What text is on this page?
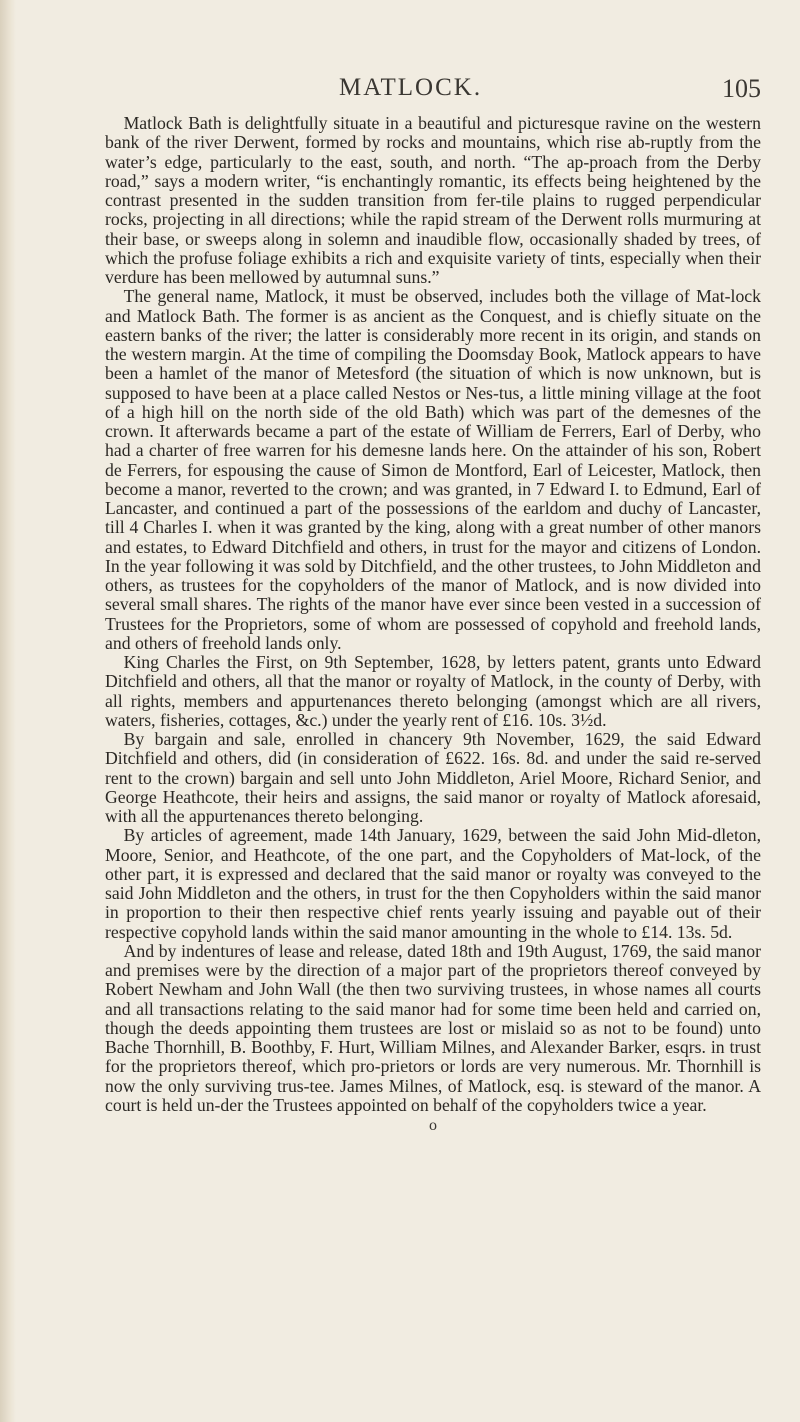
MATLOCK.	105

Matlock Bath is delightfully situate in a beautiful and picturesque ravine on the western bank of the river Derwent, formed by rocks and mountains, which rise ab-ruptly from the water’s edge, particularly to the east, south, and north. “The ap-proach from the Derby road,” says a modern writer, “is enchantingly romantic, its effects being heightened by the contrast presented in the sudden transition from fer-tile plains to rugged perpendicular rocks, projecting in all directions; while the rapid stream of the Derwent rolls murmuring at their base, or sweeps along in solemn and inaudible flow, occasionally shaded by trees, of which the profuse foliage exhibits a rich and exquisite variety of tints, especially when their verdure has been mellowed by autumnal suns.”

The general name, Matlock, it must be observed, includes both the village of Mat-lock and Matlock Bath. The former is as ancient as the Conquest, and is chiefly situate on the eastern banks of the river; the latter is considerably more recent in its origin, and stands on the western margin. At the time of compiling the Doomsday Book, Matlock appears to have been a hamlet of the manor of Metesford (the situation of which is now unknown, but is supposed to have been at a place called Nestos or Nes-tus, a little mining village at the foot of a high hill on the north side of the old Bath) which was part of the demesnes of the crown. It afterwards became a part of the estate of William de Ferrers, Earl of Derby, who had a charter of free warren for his demesne lands here. On the attainder of his son, Robert de Ferrers, for espousing the cause of Simon de Montford, Earl of Leicester, Matlock, then become a manor, reverted to the crown; and was granted, in 7 Edward I. to Edmund, Earl of Lancaster, and continued a part of the possessions of the earldom and duchy of Lancaster, till 4 Charles I. when it was granted by the king, along with a great number of other manors and estates, to Edward Ditchfield and others, in trust for the mayor and citizens of London. In the year following it was sold by Ditchfield, and the other trustees, to John Middleton and others, as trustees for the copyholders of the manor of Matlock, and is now divided into several small shares. The rights of the manor have ever since been vested in a succession of Trustees for the Proprietors, some of whom are possessed of copyhold and freehold lands, and others of freehold lands only.

King Charles the First, on 9th September, 1628, by letters patent, grants unto Edward Ditchfield and others, all that the manor or royalty of Matlock, in the county of Derby, with all rights, members and appurtenances thereto belonging (amongst which are all rivers, waters, fisheries, cottages, &c.) under the yearly rent of £16. 10s. 3½d.

By bargain and sale, enrolled in chancery 9th November, 1629, the said Edward Ditchfield and others, did (in consideration of £622. 16s. 8d. and under the said re-served rent to the crown) bargain and sell unto John Middleton, Ariel Moore, Richard Senior, and George Heathcote, their heirs and assigns, the said manor or royalty of Matlock aforesaid, with all the appurtenances thereto belonging.

By articles of agreement, made 14th January, 1629, between the said John Mid-dleton, Moore, Senior, and Heathcote, of the one part, and the Copyholders of Mat-lock, of the other part, it is expressed and declared that the said manor or royalty was conveyed to the said John Middleton and the others, in trust for the then Copyholders within the said manor in proportion to their then respective chief rents yearly issuing and payable out of their respective copyhold lands within the said manor amounting in the whole to £14. 13s. 5d.

And by indentures of lease and release, dated 18th and 19th August, 1769, the said manor and premises were by the direction of a major part of the proprietors thereof conveyed by Robert Newham and John Wall (the then two surviving trustees, in whose names all courts and all transactions relating to the said manor had for some time been held and carried on, though the deeds appointing them trustees are lost or mislaid so as not to be found) unto Bache Thornhill, B. Boothby, F. Hurt, William Milnes, and Alexander Barker, esqrs. in trust for the proprietors thereof, which pro-prietors or lords are very numerous. Mr. Thornhill is now the only surviving trus-tee. James Milnes, of Matlock, esq. is steward of the manor. A court is held un-der the Trustees appointed on behalf of the copyholders twice a year.

o
